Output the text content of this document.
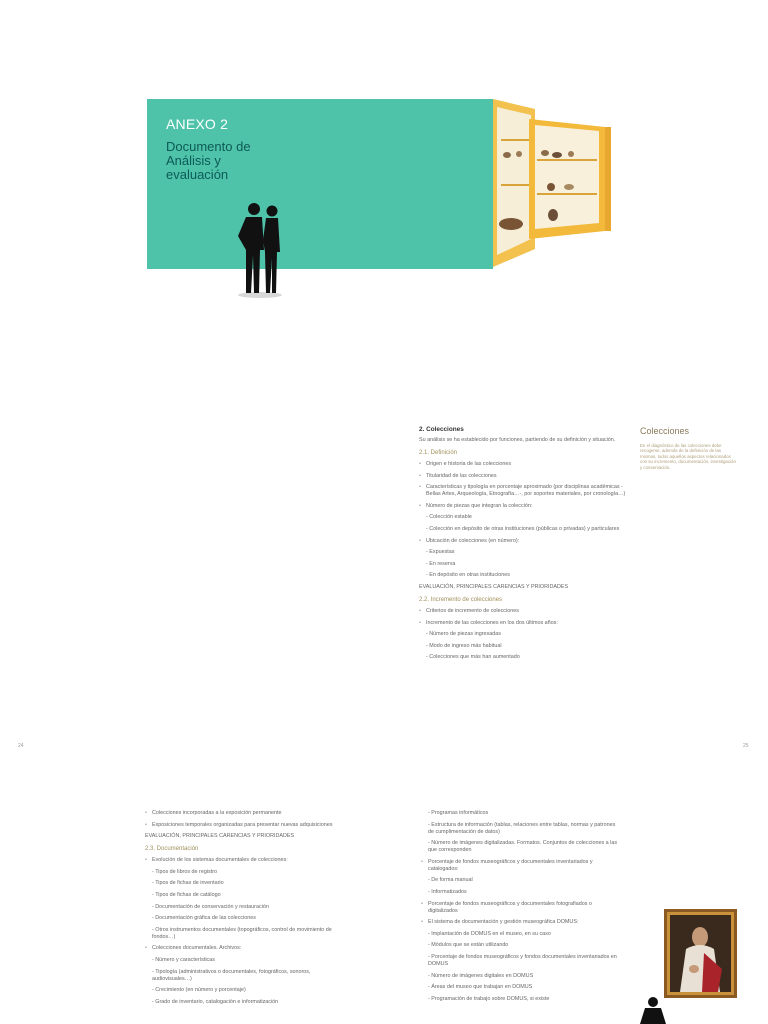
ANEXO 2
Documento de Análisis y evaluación
Colecciones
En el diagnóstico de las colecciones debe recogerse, además de la definición de las mismas, todos aquellos aspectos relacionados con su incremento, documentación, investigación y conservación.
2. Colecciones
Su análisis se ha establecido por funciones, partiendo de su definición y situación.
2.1. Definición
• Origen e historia de las colecciones
• Titularidad de las colecciones
• Características y tipología en porcentaje aproximado (por disciplinas académicas -Bellas Artes, Arqueología, Etnografía…-, por soportes materiales, por cronología…)
• Número de piezas que integran la colección:
- Colección estable
- Colección en depósito de otras instituciones (públicas o privadas) y particulares
• Ubicación de colecciones (en número):
- Expuestas
- En reserva
- En depósito en otras instituciones
EVALUACIÓN, PRINCIPALES CARENCIAS Y PRIORIDADES
2.2. Incremento de colecciones
• Criterios de incremento de colecciones
• Incremento de las colecciones en los dos últimos años:
- Número de piezas ingresadas
- Modo de ingreso más habitual
- Colecciones que más han aumentado
24	25
• Colecciones incorporadas a la exposición permanente
• Exposiciones temporales organizadas para presentar nuevas adquisiciones
EVALUACIÓN, PRINCIPALES CARENCIAS Y PRIORIDADES
2.3. Documentación
• Evolución de los sistemas documentales de colecciones:
- Tipos de libros de registro
- Tipos de fichas de inventario
- Tipos de fichas de catálogo
- Documentación de conservación y restauración
- Documentación gráfica de las colecciones
- Otros instrumentos documentales (topográficos, control de movimiento de fondos…)
• Colecciones documentales. Archivos:
- Número y características
- Tipología (administrativos o documentales, fotográficos, sonoros, audiovisuales…)
- Crecimiento (en número y porcentaje)
- Grado de inventario, catalogación e informatización
- Programas informáticos
- Estructura de información (tablas, relaciones entre tablas, normas y patrones de cumplimentación de datos)
- Número de imágenes digitalizadas. Formatos. Conjuntos de colecciones a las que corresponden
• Porcentaje de fondos museográficos y documentales inventariados y catalogados:
- De forma manual
- Informatizados
• Porcentaje de fondos museográficos y documentales fotografiados o digitalizados
• El sistema de documentación y gestión museográfica DOMUS:
- Implantación de DOMUS en el museo, en su caso
- Módulos que se están utilizando
- Porcentaje de fondos museográficos y fondos documentales inventariados en DOMUS
- Número de imágenes digitales en DOMUS
- Áreas del museo que trabajan en DOMUS
- Programación de trabajo sobre DOMUS, si existe
